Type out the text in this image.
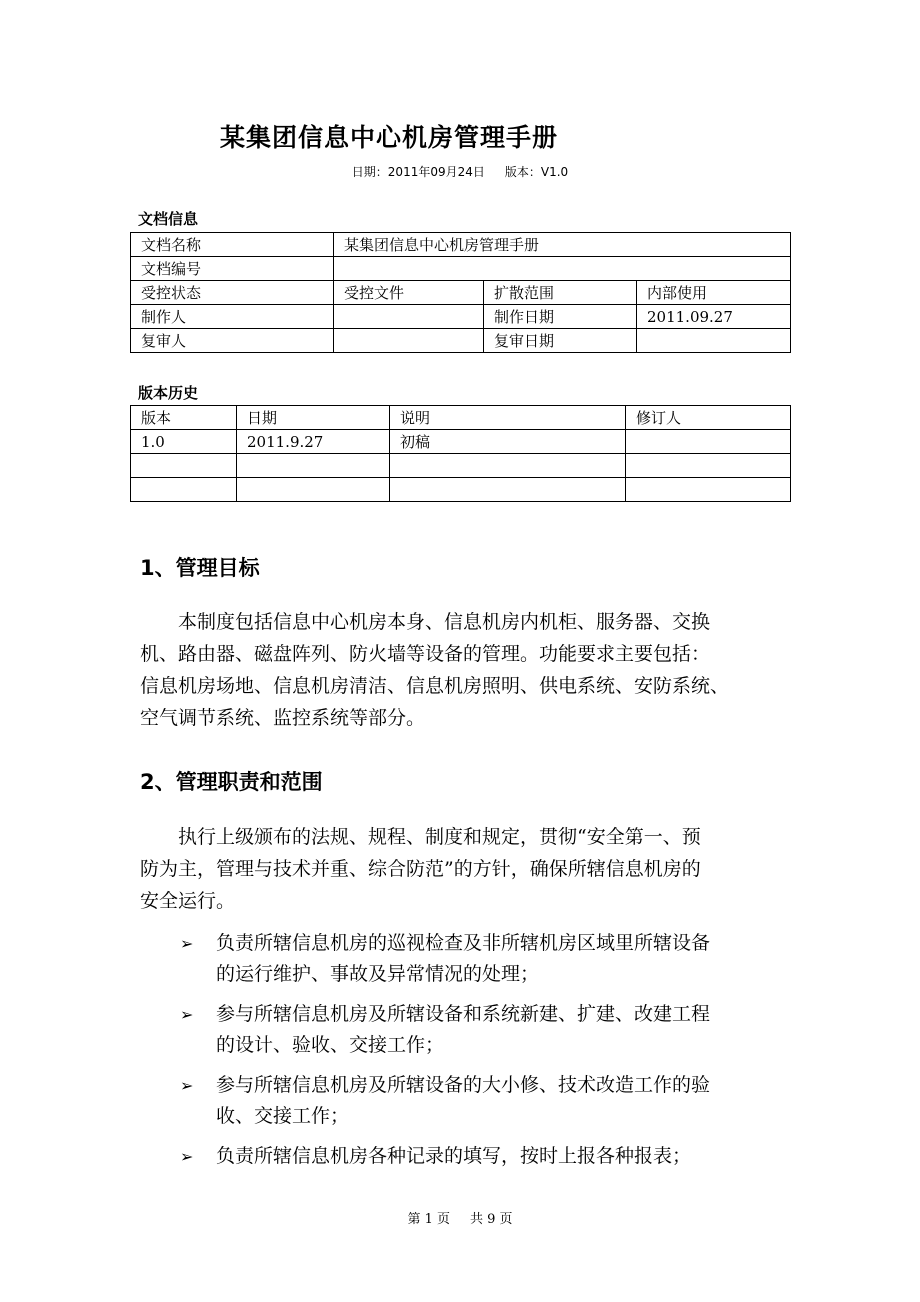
某集团信息中心机房管理手册
日期：2011年09月24日 版本：V1.0
文档信息
文档名称	某集团信息中心机房管理手册		
文档编号			
受控状态	受控文件	扩散范围	内部使用
制作人		制作日期	2011.09.27
复审人		复审日期	
版本历史
版本	日期	说明	修订人
1.0	2011.9.27	初稿	

1、管理目标
本制度包括信息中心机房本身、信息机房内机柜、服务器、交换
机、路由器、磁盘阵列、防火墙等设备的管理。功能要求主要包括：
信息机房场地、信息机房清洁、信息机房照明、供电系统、安防系统、
空气调节系统、监控系统等部分。
2、管理职责和范围
执行上级颁布的法规、规程、制度和规定，贯彻“安全第一、预
防为主，管理与技术并重、综合防范”的方针，确保所辖信息机房的
安全运行。
➢ 负责所辖信息机房的巡视检查及非所辖机房区域里所辖设备
的运行维护、事故及异常情况的处理；
➢ 参与所辖信息机房及所辖设备和系统新建、扩建、改建工程
的设计、验收、交接工作；
➢ 参与所辖信息机房及所辖设备的大小修、技术改造工作的验
收、交接工作；
➢ 负责所辖信息机房各种记录的填写，按时上报各种报表；
第 1 页 共 9 页
